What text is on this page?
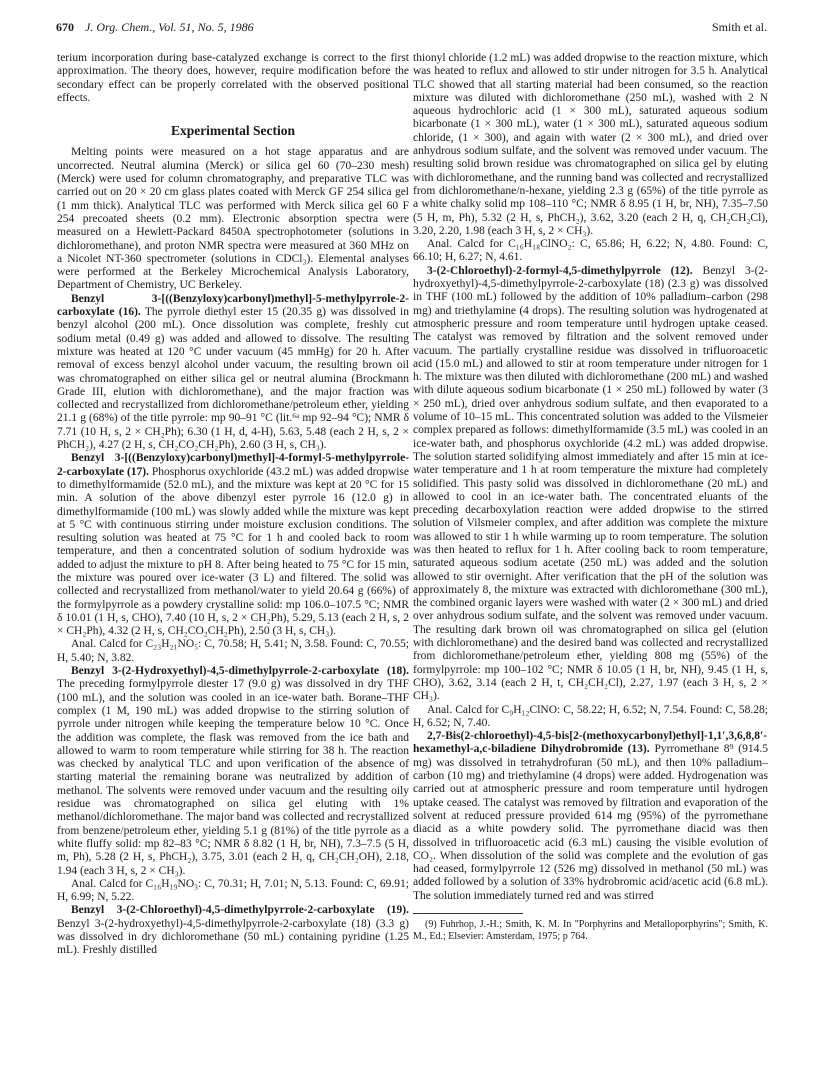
670 J. Org. Chem., Vol. 51, No. 5, 1986	Smith et al.

terium incorporation during base-catalyzed exchange is correct to the first approximation. The theory does, however, require modification before the secondary effect can be properly correlated with the observed positional effects.

Experimental Section

Melting points were measured on a hot stage apparatus and are uncorrected. Neutral alumina (Merck) or silica gel 60 (70–230 mesh) (Merck) were used for column chromatography, and preparative TLC was carried out on 20 × 20 cm glass plates coated with Merck GF 254 silica gel (1 mm thick). Analytical TLC was performed with Merck silica gel 60 F 254 precoated sheets (0.2 mm). Electronic absorption spectra were measured on a Hewlett-Packard 8450A spectrophotometer (solutions in dichloromethane), and proton NMR spectra were measured at 360 MHz on a Nicolet NT-360 spectrometer (solutions in CDCl₃). Elemental analyses were performed at the Berkeley Microchemical Analysis Laboratory, Department of Chemistry, UC Berkeley.

Benzyl 3-[((Benzyloxy)carbonyl)methyl]-5-methylpyrrole-2-carboxylate (16). The pyrrole diethyl ester 15 (20.35 g) was dissolved in benzyl alcohol (200 mL). Once dissolution was complete, freshly cut sodium metal (0.49 g) was added and allowed to dissolve. The resulting mixture was heated at 120 °C under vacuum (45 mmHg) for 20 h. After removal of excess benzyl alcohol under vacuum, the resulting brown oil was chromatographed on either silica gel or neutral alumina (Brockmann Grade III, elution with dichloromethane), and the major fraction was collected and recrystallized from dichloromethane/petroleum ether, yielding 21.1 g (68%) of the title pyrrole: mp 90–91 °C (lit.⁶ᵃ mp 92–94 °C); NMR δ 7.71 (10 H, s, 2 × CH₂Ph); 6.30 (1 H, d, 4-H), 5.63, 5.48 (each 2 H, s, 2 × PhCH₂), 4.27 (2 H, s, CH₂CO₂CH₂Ph), 2.60 (3 H, s, CH₃).

Benzyl 3-[((Benzyloxy)carbonyl)methyl]-4-formyl-5-methylpyrrole-2-carboxylate (17). Phosphorus oxychloride (43.2 mL) was added dropwise to dimethylformamide (52.0 mL), and the mixture was kept at 20 °C for 15 min. A solution of the above dibenzyl ester pyrrole 16 (12.0 g) in dimethylformamide (100 mL) was slowly added while the mixture was kept at 5 °C with continuous stirring under moisture exclusion conditions. The resulting solution was heated at 75 °C for 1 h and cooled back to room temperature, and then a concentrated solution of sodium hydroxide was added to adjust the mixture to pH 8. After being heated to 75 °C for 15 min, the mixture was poured over ice-water (3 L) and filtered. The solid was collected and recrystallized from methanol/water to yield 20.64 g (66%) of the formylpyrrole as a powdery crystalline solid: mp 106.0–107.5 °C; NMR δ 10.01 (1 H, s, CHO), 7.40 (10 H, s, 2 × CH₂Ph), 5.29, 5.13 (each 2 H, s, 2 × CH₂Ph), 4.32 (2 H, s, CH₂CO₂CH₂Ph), 2.50 (3 H, s, CH₃).

Anal. Calcd for C₂₃H₂₁NO₅: C, 70.58; H, 5.41; N, 3.58. Found: C, 70.55; H, 5.40; N, 3.82.

Benzyl 3-(2-Hydroxyethyl)-4,5-dimethylpyrrole-2-carboxylate (18). The preceding formylpyrrole diester 17 (9.0 g) was dissolved in dry THF (100 mL), and the solution was cooled in an ice-water bath. Borane–THF complex (1 M, 190 mL) was added dropwise to the stirring solution of pyrrole under nitrogen while keeping the temperature below 10 °C. Once the addition was complete, the flask was removed from the ice bath and allowed to warm to room temperature while stirring for 38 h. The reaction was checked by analytical TLC and upon verification of the absence of starting material the remaining borane was neutralized by addition of methanol. The solvents were removed under vacuum and the resulting oily residue was chromatographed on silica gel eluting with 1% methanol/dichloromethane. The major band was collected and recrystallized from benzene/petroleum ether, yielding 5.1 g (81%) of the title pyrrole as a white fluffy solid: mp 82–83 °C; NMR δ 8.82 (1 H, br, NH), 7.3–7.5 (5 H, m, Ph), 5.28 (2 H, s, PhCH₂), 3.75, 3.01 (each 2 H, q, CH₂CH₂OH), 2.18, 1.94 (each 3 H, s, 2 × CH₃).

Anal. Calcd for C₁₆H₁₉NO₃: C, 70.31; H, 7.01; N, 5.13. Found: C, 69.91; H, 6.99; N, 5.22.

Benzyl 3-(2-Chloroethyl)-4,5-dimethylpyrrole-2-carboxylate (19). Benzyl 3-(2-hydroxyethyl)-4,5-dimethylpyrrole-2-carboxylate (18) (3.3 g) was dissolved in dry dichloromethane (50 mL) containing pyridine (1.25 mL). Freshly distilled

thionyl chloride (1.2 mL) was added dropwise to the reaction mixture, which was heated to reflux and allowed to stir under nitrogen for 3.5 h. Analytical TLC showed that all starting material had been consumed, so the reaction mixture was diluted with dichloromethane (250 mL), washed with 2 N aqueous hydrochloric acid (1 × 300 mL), saturated aqueous sodium bicarbonate (1 × 300 mL), water (1 × 300 mL), saturated aqueous sodium chloride, (1 × 300), and again with water (2 × 300 mL), and dried over anhydrous sodium sulfate, and the solvent was removed under vacuum. The resulting solid brown residue was chromatographed on silica gel by eluting with dichloromethane, and the running band was collected and recrystallized from dichloromethane/n-hexane, yielding 2.3 g (65%) of the title pyrrole as a white chalky solid mp 108–110 °C; NMR δ 8.95 (1 H, br, NH), 7.35–7.50 (5 H, m, Ph), 5.32 (2 H, s, PhCH₂), 3.62, 3.20 (each 2 H, q, CH₂CH₂Cl), 3.20, 2.20, 1.98 (each 3 H, s, 2 × CH₃).

Anal. Calcd for C₁₆H₁₈ClNO₂: C, 65.86; H, 6.22; N, 4.80. Found: C, 66.10; H, 6.27; N, 4.61.

3-(2-Chloroethyl)-2-formyl-4,5-dimethylpyrrole (12). Benzyl 3-(2-hydroxyethyl)-4,5-dimethylpyrrole-2-carboxylate (18) (2.3 g) was dissolved in THF (100 mL) followed by the addition of 10% palladium–carbon (298 mg) and triethylamine (4 drops). The resulting solution was hydrogenated at atmospheric pressure and room temperature until hydrogen uptake ceased. The catalyst was removed by filtration and the solvent removed under vacuum. The partially crystalline residue was dissolved in trifluoroacetic acid (15.0 mL) and allowed to stir at room temperature under nitrogen for 1 h. The mixture was then diluted with dichloromethane (200 mL) and washed with dilute aqueous sodium bicarbonate (1 × 250 mL) followed by water (3 × 250 mL), dried over anhydrous sodium sulfate, and then evaporated to a volume of 10–15 mL. This concentrated solution was added to the Vilsmeier complex prepared as follows: dimethylformamide (3.5 mL) was cooled in an ice-water bath, and phosphorus oxychloride (4.2 mL) was added dropwise. The solution started solidifying almost immediately and after 15 min at ice-water temperature and 1 h at room temperature the mixture had completely solidified. This pasty solid was dissolved in dichloromethane (20 mL) and allowed to cool in an ice-water bath. The concentrated eluants of the preceding decarboxylation reaction were added dropwise to the stirred solution of Vilsmeier complex, and after addition was complete the mixture was allowed to stir 1 h while warming up to room temperature. The solution was then heated to reflux for 1 h. After cooling back to room temperature, saturated aqueous sodium acetate (250 mL) was added and the solution allowed to stir overnight. After verification that the pH of the solution was approximately 8, the mixture was extracted with dichloromethane (300 mL), the combined organic layers were washed with water (2 × 300 mL) and dried over anhydrous sodium sulfate, and the solvent was removed under vacuum. The resulting dark brown oil was chromatographed on silica gel (elution with dichloromethane) and the desired band was collected and recrystallized from dichloromethane/petroleum ether, yielding 808 mg (55%) of the formylpyrrole: mp 100–102 °C; NMR δ 10.05 (1 H, br, NH), 9.45 (1 H, s, CHO), 3.62, 3.14 (each 2 H, t, CH₂CH₂Cl), 2.27, 1.97 (each 3 H, s, 2 × CH₃).

Anal. Calcd for C₉H₁₂ClNO: C, 58.22; H, 6.52; N, 7.54. Found: C, 58.28; H, 6.52; N, 7.40.

2,7-Bis(2-chloroethyl)-4,5-bis[2-(methoxycarbonyl)ethyl]-1,1′,3,6,8,8′-hexamethyl-a,c-biladiene Dihydrobromide (13). Pyrromethane 8⁹ (914.5 mg) was dissolved in tetrahydrofuran (50 mL), and then 10% palladium–carbon (10 mg) and triethylamine (4 drops) were added. Hydrogenation was carried out at atmospheric pressure and room temperature until hydrogen uptake ceased. The catalyst was removed by filtration and evaporation of the solvent at reduced pressure provided 614 mg (95%) of the pyrromethane diacid as a white powdery solid. The pyrromethane diacid was then dissolved in trifluoroacetic acid (6.3 mL) causing the visible evolution of CO₂. When dissolution of the solid was complete and the evolution of gas had ceased, formylpyrrole 12 (526 mg) dissolved in methanol (50 mL) was added followed by a solution of 33% hydrobromic acid/acetic acid (6.8 mL). The solution immediately turned red and was stirred

(9) Fuhrhop, J.-H.; Smith, K. M. In "Porphyrins and Metalloporphyrins"; Smith, K. M., Ed.; Elsevier: Amsterdam, 1975; p 764.
